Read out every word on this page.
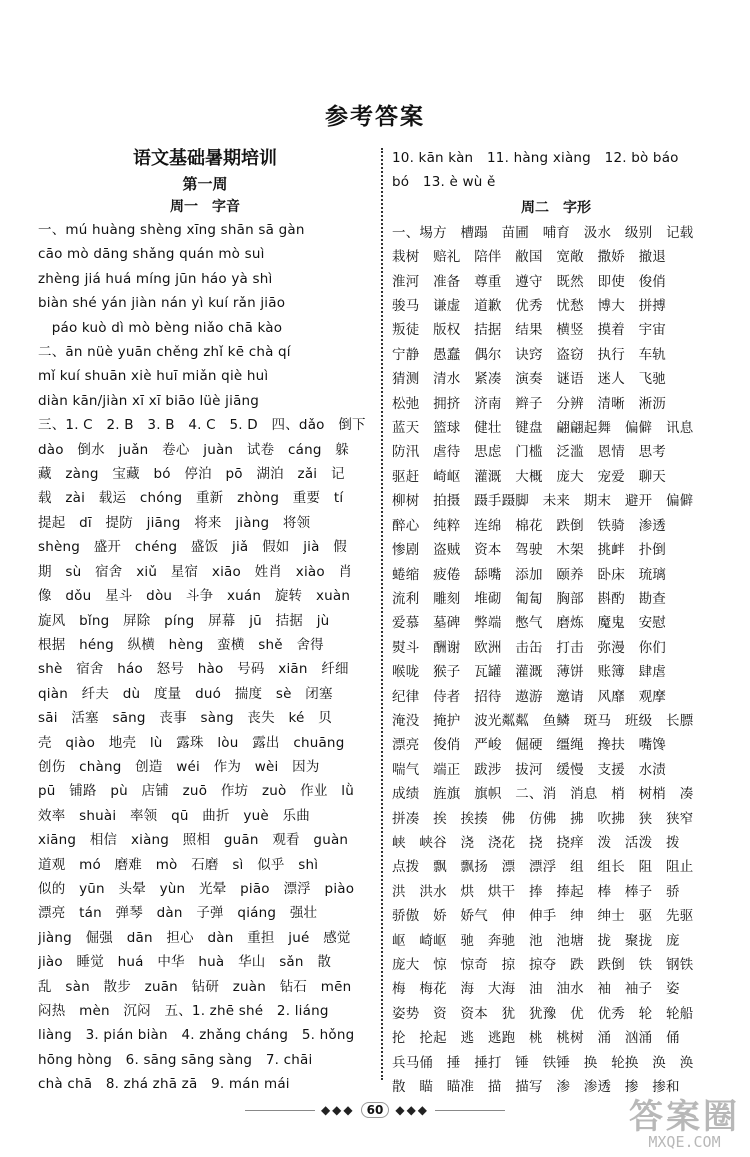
参考答案
语文基础暑期培训
第一周
周一　字音
一、mú huàng shèng xīng shān sā gàn
cāo mò dāng shǎng quán mò suì
zhèng jiá huá míng jūn háo yà shì
biàn shé yán jiàn nán yì kuí rǎn jiāo
　páo kuò dì mò bèng niǎo chā kào
二、ān nüè yuān chěng zhǐ kē chà qí
mǐ kuí shuān xiè huī miǎn qiè huì
diàn kān/jiàn xī xī biāo lüè jiāng
三、1. C　2. B　3. B　4. C　5. D　四、dǎo　倒下
dào　倒水　juǎn　卷心　juàn　试卷　cáng　躲
藏　zàng　宝藏　bó　停泊　pō　湖泊　zǎi　记
载　zài　载运　chóng　重新　zhòng　重要　tí
提起　dī　提防　jiāng　将来　jiàng　将领
shèng　盛开　chéng　盛饭　jiǎ　假如　jià　假
期　sù　宿舍　xiǔ　星宿　xiāo　姓肖　xiào　肖
像　dǒu　星斗　dòu　斗争　xuán　旋转　xuàn
旋风　bǐng　屏除　píng　屏幕　jū　拮据　jù
根据　héng　纵横　hèng　蛮横　shě　舍得
shè　宿舍　háo　怒号　hào　号码　xiān　纤细
qiàn　纤夫　dù　度量　duó　揣度　sè　闭塞
sāi　活塞　sāng　丧事　sàng　丧失　ké　贝
壳　qiào　地壳　lù　露珠　lòu　露出　chuāng
创伤　chàng　创造　wéi　作为　wèi　因为
pū　铺路　pù　店铺　zuō　作坊　zuò　作业　lǜ
效率　shuài　率领　qū　曲折　yuè　乐曲
xiāng　相信　xiàng　照相　guān　观看　guàn
道观　mó　磨难　mò　石磨　sì　似乎　shì
似的　yūn　头晕　yùn　光晕　piāo　漂浮　piào
漂亮　tán　弹琴　dàn　子弹　qiáng　强壮
jiàng　倔强　dān　担心　dàn　重担　jué　感觉
jiào　睡觉　huá　中华　huà　华山　sǎn　散
乱　sàn　散步　zuān　钻研　zuàn　钻石　mēn
闷热　mèn　沉闷　五、1. zhē shé　2. liáng
liàng　3. pián biàn　4. zhǎng cháng　5. hǒng
hōng hòng　6. sāng sāng sàng　7. chāi
chà chā　8. zhá zhā zā　9. mán mái
10. kān kàn　11. hàng xiàng　12. bò báo
bó　13. è wù ě
周二　字形
一、埸方　槽蹋　苗圃　哺育　汲水　级别　记载
栽树　赔礼　陪伴　敝国　宽敞　撒娇　撤退
淮河　准备　尊重　遵守　既然　即使　俊俏
骏马　谦虚　道歉　优秀　忧愁　博大　拼搏
叛徒　版权　拮据　结果　横竖　摸着　宇宙
宁静　愚蠢　偶尔　诀窍　盗窃　执行　车轨
猜测　清水　紧凑　演奏　谜语　迷人　飞驰
松弛　拥挤　济南　辫子　分辨　清晰　淅沥
蓝天　篮球　健壮　键盘　翩翩起舞　偏僻　讯息
防汛　虐待　思虑　门槛　泛滥　恩情　思考
驱赶　崎岖　灌溉　大概　庞大　宠爱　聊天
柳树　拍摄　蹑手蹑脚　未来　期末　避开　偏僻
醉心　纯粹　连绵　棉花　跌倒　铁骑　渗透
惨剧　盗贼　资本　驾驶　木架　挑衅　扑倒
蜷缩　疲倦　舔嘴　添加　颐养　卧床　琉璃
流利　雕刻　堆砌　匍匐　胸部　斟酌　勘查
爱慕　墓碑　弊端　憋气　磨炼　魔鬼　安慰
熨斗　酬谢　欧洲　击缶　打击　弥漫　你们
喉咙　猴子　瓦罐　灌溉　薄饼　账簿　肆虐
纪律　侍者　招待　遨游　邀请　风靡　观摩
淹没　掩护　波光粼粼　鱼鳞　斑马　班级　长膘
漂亮　俊俏　严峻　倔硬　缰绳　搀扶　嘴馋
喘气　端正　跋涉　拔河　缓慢　支援　水渍
成绩　旌旗　旗帜　二、消　消息　梢　树梢　凑
拼凑　挨　挨揍　佛　仿佛　拂　吹拂　狭　狭窄
峡　峡谷　浇　浇花　挠　挠痒　泼　活泼　拨
点拨　飘　飘扬　漂　漂浮　组　组长　阻　阻止
洪　洪水　烘　烘干　捧　捧起　棒　棒子　骄
骄傲　娇　娇气　伸　伸手　绅　绅士　驱　先驱
岖　崎岖　驰　奔驰　池　池塘　拢　聚拢　庞
庞大　惊　惊奇　掠　掠夺　跌　跌倒　铁　钢铁
梅　梅花　海　大海　油　油水　袖　袖子　姿
姿势　资　资本　犹　犹豫　优　优秀　轮　轮船
抡　抡起　逃　逃跑　桃　桃树　涌　汹涌　俑
兵马俑　捶　捶打　锤　铁锤　换　轮换　涣　涣
散　瞄　瞄准　描　描写　渗　渗透　掺　掺和
◆◆◆	60	◆◆◆	答案圈
MXQE.COM
